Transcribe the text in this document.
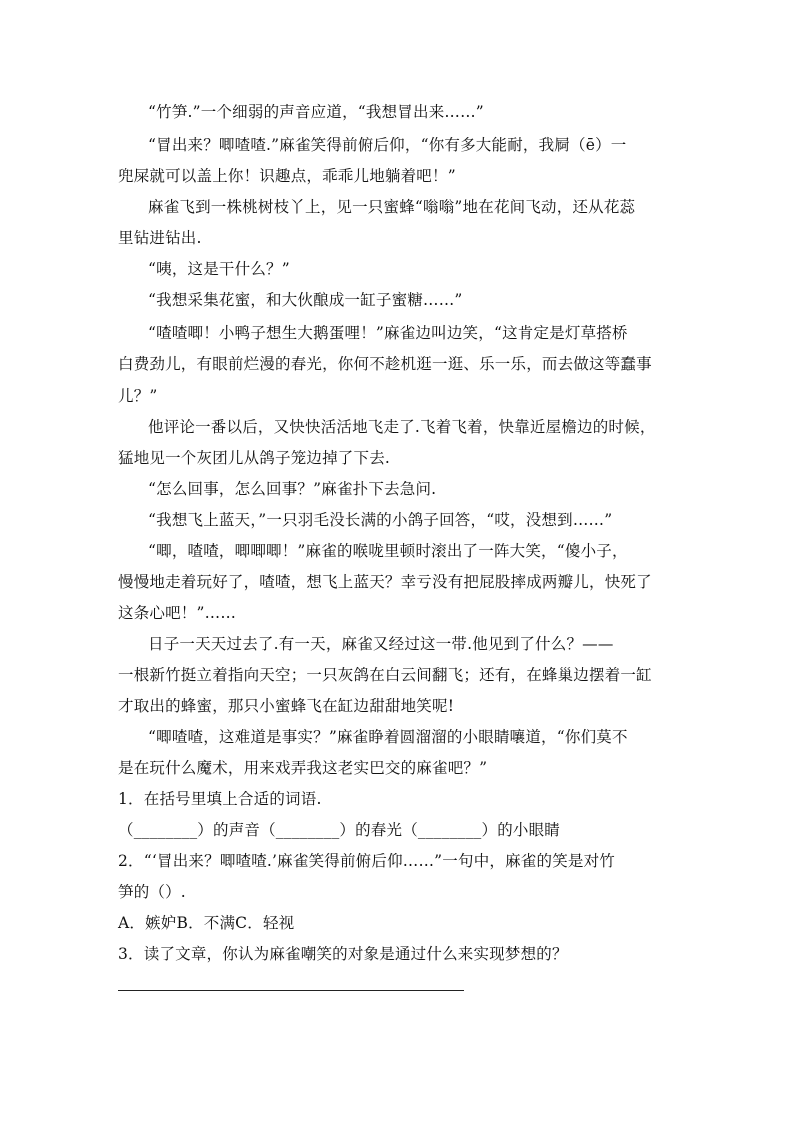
“竹笋.”一个细弱的声音应道，“我想冒出来……”
“冒出来？唧喳喳.”麻雀笑得前俯后仰，“你有多大能耐，我屙（ē）一
兜屎就可以盖上你！识趣点，乖乖儿地躺着吧！”
麻雀飞到一株桃树枝丫上，见一只蜜蜂“嗡嗡”地在花间飞动，还从花蕊
里钻进钻出.
“咦，这是干什么？”
“我想采集花蜜，和大伙酿成一缸子蜜糖……”
“喳喳唧！小鸭子想生大鹅蛋哩！”麻雀边叫边笑，“这肯定是灯草搭桥
白费劲儿，有眼前烂漫的春光，你何不趁机逛一逛、乐一乐，而去做这等蠢事
儿？”
他评论一番以后，又快快活活地飞走了.飞着飞着，快靠近屋檐边的时候，
猛地见一个灰团儿从鸽子笼边掉了下去.
“怎么回事，怎么回事？”麻雀扑下去急问.
“我想飞上蓝天，”一只羽毛没长满的小鸽子回答，“哎，没想到……”
“唧，喳喳，唧唧唧！”麻雀的喉咙里顿时滚出了一阵大笑，“傻小子，
慢慢地走着玩好了，喳喳，想飞上蓝天？幸亏没有把屁股摔成两瓣儿，快死了
这条心吧！”……
日子一天天过去了.有一天，麻雀又经过这一带.他见到了什么？——
一根新竹挺立着指向天空；一只灰鸽在白云间翻飞；还有，在蜂巢边摆着一缸
才取出的蜂蜜，那只小蜜蜂飞在缸边甜甜地笑呢!
“唧喳喳，这难道是事实？”麻雀睁着圆溜溜的小眼睛嚷道，“你们莫不
是在玩什么魔术，用来戏弄我这老实巴交的麻雀吧？”
1．在括号里填上合适的词语.
（________）的声音（________）的春光（________）的小眼睛
2．“‘冒出来？唧喳喳.’麻雀笑得前俯后仰……”一句中，麻雀的笑是对竹
笋的（）.
A．嫉妒B．不满C．轻视
3．读了文章，你认为麻雀嘲笑的对象是通过什么来实现梦想的？
